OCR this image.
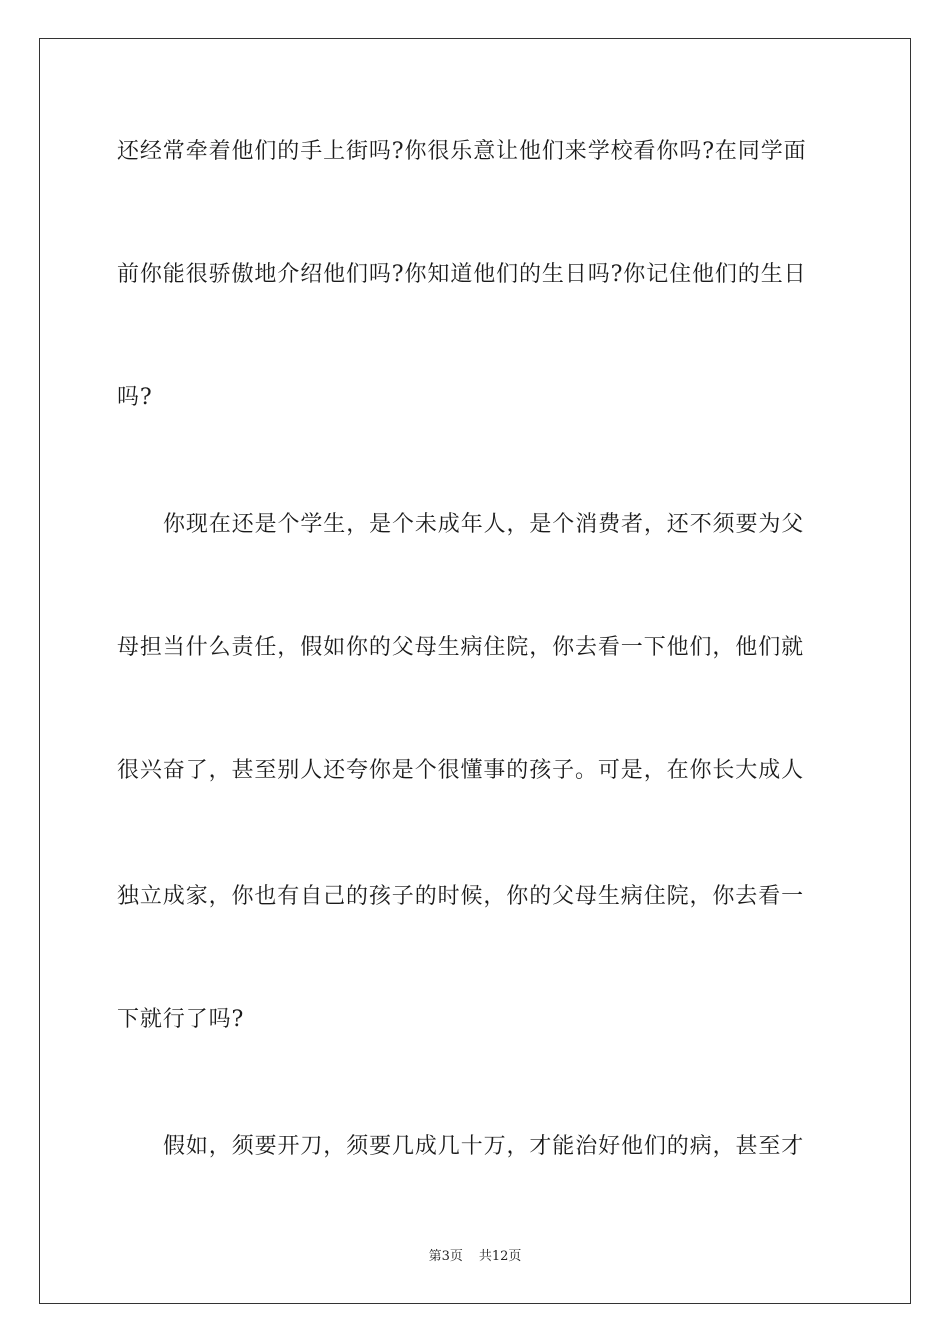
还经常牵着他们的手上街吗?你很乐意让他们来学校看你吗?在同学面
前你能很骄傲地介绍他们吗?你知道他们的生日吗?你记住他们的生日
吗?
你现在还是个学生，是个未成年人，是个消费者，还不须要为父
母担当什么责任，假如你的父母生病住院，你去看一下他们，他们就
很兴奋了，甚至别人还夸你是个很懂事的孩子。可是，在你长大成人
独立成家，你也有自己的孩子的时候，你的父母生病住院，你去看一
下就行了吗?
假如，须要开刀，须要几成几十万，才能治好他们的病，甚至才
第3页 共12页
